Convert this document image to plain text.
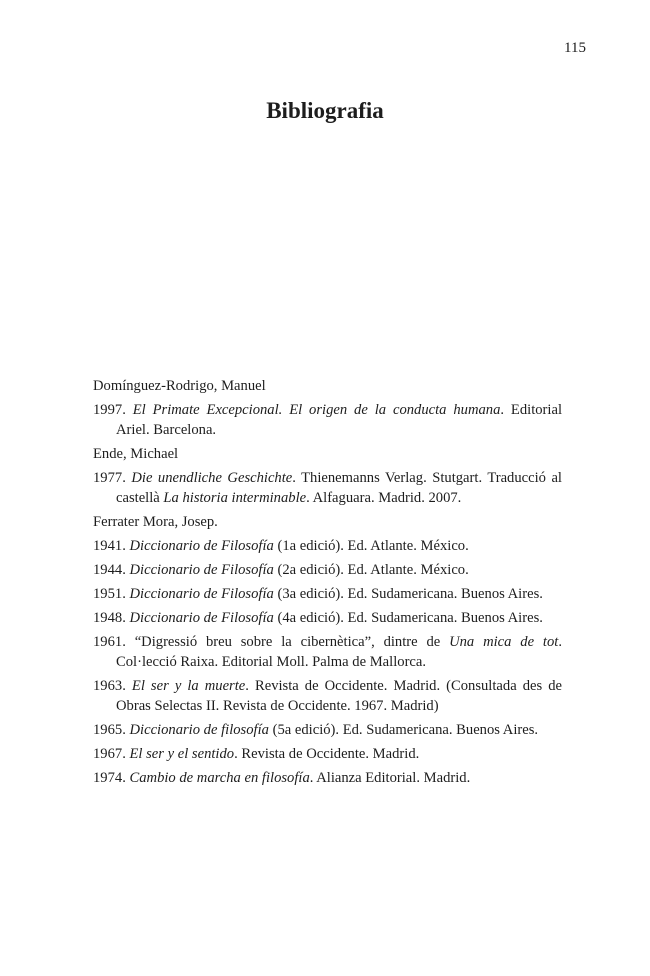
115
Bibliografia
Domínguez-Rodrigo, Manuel
1997. El Primate Excepcional. El origen de la conducta humana. Editorial Ariel. Barcelona.
Ende, Michael
1977. Die unendliche Geschichte. Thienemanns Verlag. Stutgart. Traducció al castellà La historia interminable. Alfaguara. Madrid. 2007.
Ferrater Mora, Josep.
1941. Diccionario de Filosofía (1a edició). Ed. Atlante. México.
1944. Diccionario de Filosofía (2a edició). Ed. Atlante. México.
1951. Diccionario de Filosofía (3a edició). Ed. Sudamericana. Buenos Aires.
1948. Diccionario de Filosofía (4a edició). Ed. Sudamericana. Buenos Aires.
1961. “Digressió breu sobre la cibernètica”, dintre de Una mica de tot. Col·lecció Raixa. Editorial Moll. Palma de Mallorca.
1963. El ser y la muerte. Revista de Occidente. Madrid. (Consultada des de Obras Selectas II. Revista de Occidente. 1967. Madrid)
1965. Diccionario de filosofía (5a edició). Ed. Sudamericana. Buenos Aires.
1967. El ser y el sentido. Revista de Occidente. Madrid.
1974. Cambio de marcha en filosofía. Alianza Editorial. Madrid.
